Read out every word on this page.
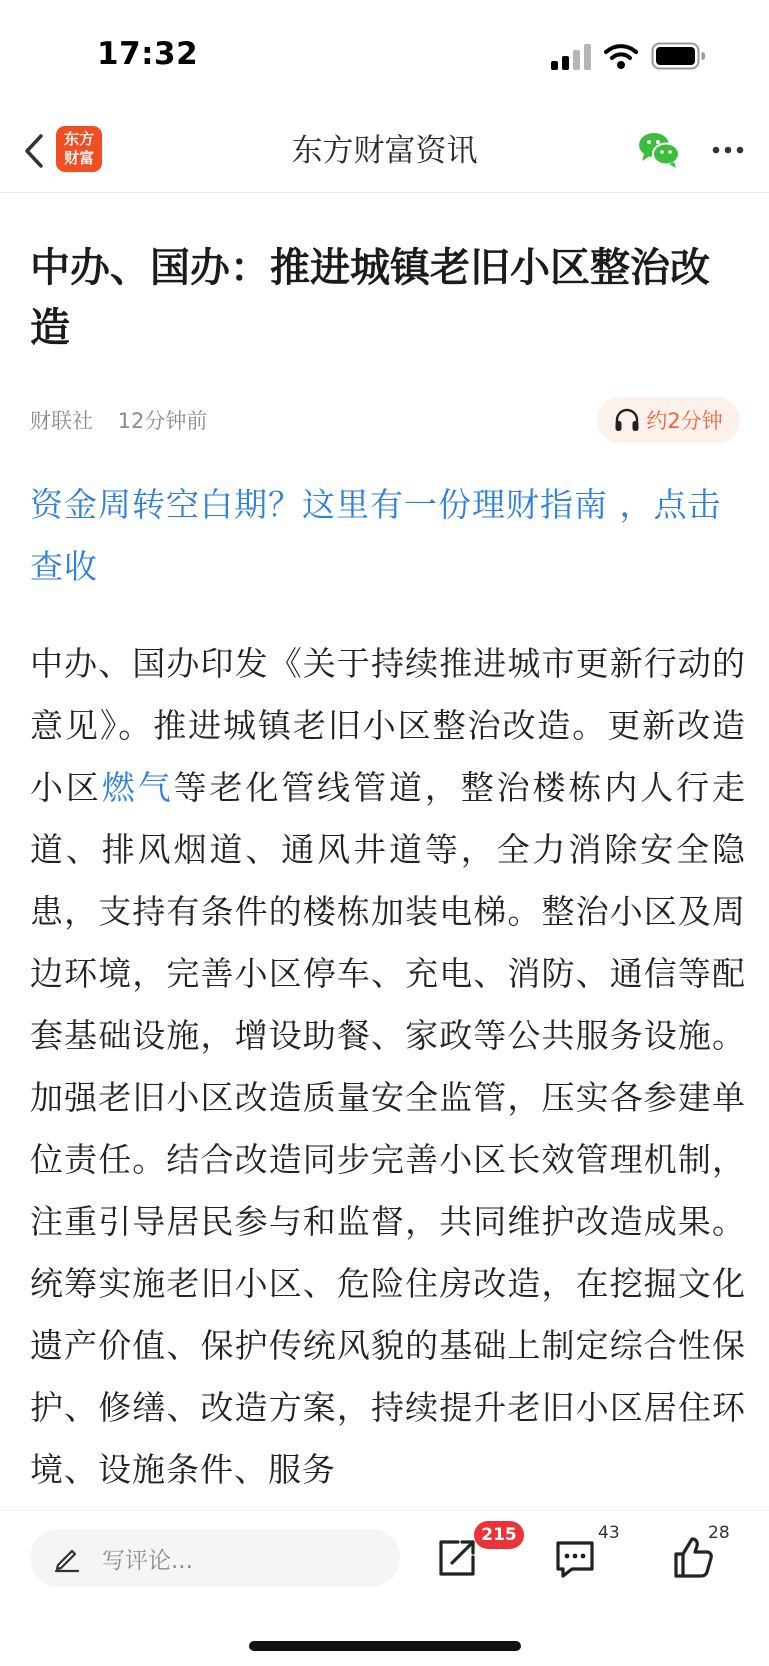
17:32
东方
财富	东方财富资讯
中办、国办：推进城镇老旧小区整治改造
财联社 12分钟前	约2分钟

资金周转空白期？这里有一份理财指南 ，点击查收

中办、国办印发《关于持续推进城市更新行动的意见》。推进城镇老旧小区整治改造。更新改造小区燃气等老化管线管道，整治楼栋内人行走道、排风烟道、通风井道等，全力消除安全隐患，支持有条件的楼栋加装电梯。整治小区及周边环境，完善小区停车、充电、消防、通信等配套基础设施，增设助餐、家政等公共服务设施。加强老旧小区改造质量安全监管，压实各参建单位责任。结合改造同步完善小区长效管理机制，注重引导居民参与和监督，共同维护改造成果。统筹实施老旧小区、危险住房改造，在挖掘文化遗产价值、保护传统风貌的基础上制定综合性保护、修缮、改造方案，持续提升老旧小区居住环境、设施条件、服务

写评论...
215	43	28
